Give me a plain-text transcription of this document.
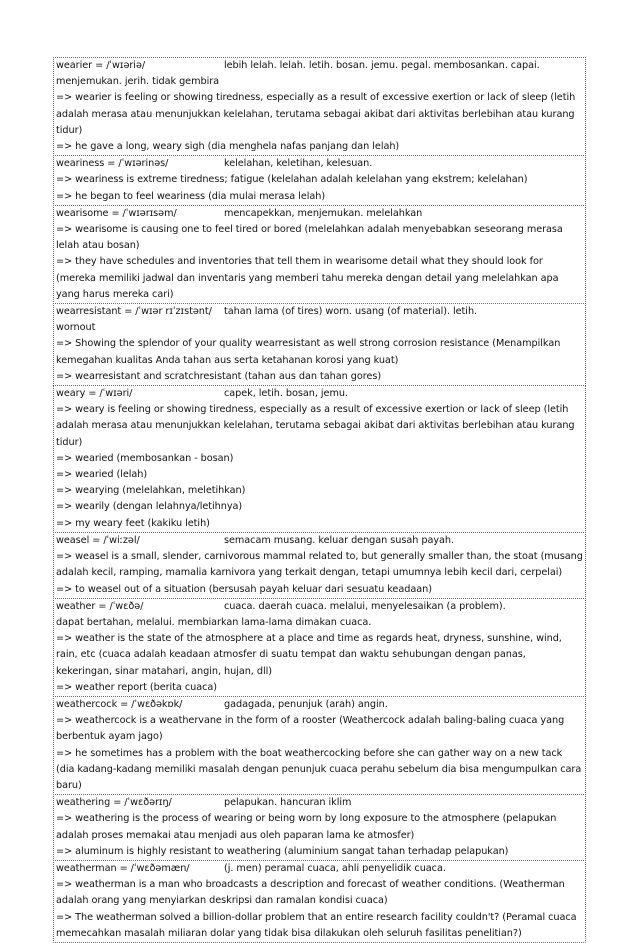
wearier = /ˈwɪəriə/	lebih lelah. lelah. letih. bosan. jemu. pegal. membosankan. capai.
menjemukan. jerih. tidak gembira
=> wearier is feeling or showing tiredness, especially as a result of excessive exertion or lack of sleep (letih adalah merasa atau menunjukkan kelelahan, terutama sebagai akibat dari aktivitas berlebihan atau kurang tidur)
=> he gave a long, weary sigh (dia menghela nafas panjang dan lelah)
weariness = /ˈwɪərinəs/	kelelahan, keletihan, kelesuan.
=> weariness is extreme tiredness; fatigue (kelelahan adalah kelelahan yang ekstrem; kelelahan)
=> he began to feel weariness (dia mulai merasa lelah)
wearisome = /ˈwɪərɪsəm/	mencapekkan, menjemukan. melelahkan
=> wearisome is causing one to feel tired or bored (melelahkan adalah menyebabkan seseorang merasa lelah atau bosan)
=> they have schedules and inventories that tell them in wearisome detail what they should look for (mereka memiliki jadwal dan inventaris yang memberi tahu mereka dengan detail yang melelahkan apa yang harus mereka cari)
wearresistant = /ˈwɪər rɪˈzɪstənt/ tahan lama (of tires) worn. usang (of material). letih.
wornout
=> Showing the splendor of your quality wearresistant as well strong corrosion resistance (Menampilkan kemegahan kualitas Anda tahan aus serta ketahanan korosi yang kuat)
=> wearresistant and scratchresistant (tahan aus dan tahan gores)
weary = /ˈwɪəri/	capek, letih. bosan, jemu.
=> weary is feeling or showing tiredness, especially as a result of excessive exertion or lack of sleep (letih adalah merasa atau menunjukkan kelelahan, terutama sebagai akibat dari aktivitas berlebihan atau kurang tidur)
=> wearied (membosankan - bosan)
=> wearied (lelah)
=> wearying (melelahkan, meletihkan)
=> wearily (dengan lelahnya/letihnya)
=> my weary feet (kakiku letih)
weasel = /ˈwiːzəl/	semacam musang. keluar dengan susah payah.
=> weasel is a small, slender, carnivorous mammal related to, but generally smaller than, the stoat (musang adalah kecil, ramping, mamalia karnivora yang terkait dengan, tetapi umumnya lebih kecil dari, cerpelai)
=> to weasel out of a situation (bersusah payah keluar dari sesuatu keadaan)
weather = /ˈwɛðə/	cuaca. daerah cuaca. melalui, menyelesaikan (a problem).
dapat bertahan, melalui. membiarkan lama-lama dimakan cuaca.
=> weather is the state of the atmosphere at a place and time as regards heat, dryness, sunshine, wind, rain, etc (cuaca adalah keadaan atmosfer di suatu tempat dan waktu sehubungan dengan panas, kekeringan, sinar matahari, angin, hujan, dll)
=> weather report (berita cuaca)
weathercock = /ˈwɛðəkɒk/	gadagada, penunjuk (arah) angin.
=> weathercock is a weathervane in the form of a rooster (Weathercock adalah baling-baling cuaca yang berbentuk ayam jago)
=> he sometimes has a problem with the boat weathercocking before she can gather way on a new tack (dia kadang-kadang memiliki masalah dengan penunjuk cuaca perahu sebelum dia bisa mengumpulkan cara baru)
weathering = /ˈwɛðərɪŋ/	pelapukan. hancuran iklim
=> weathering is the process of wearing or being worn by long exposure to the atmosphere (pelapukan adalah proses memakai atau menjadi aus oleh paparan lama ke atmosfer)
=> aluminum is highly resistant to weathering (aluminium sangat tahan terhadap pelapukan)
weatherman = /ˈwɛðəmæn/	(j. men) peramal cuaca, ahli penyelidik cuaca.
=> weatherman is a man who broadcasts a description and forecast of weather conditions. (Weatherman adalah orang yang menyiarkan deskripsi dan ramalan kondisi cuaca)
=> The weatherman solved a billion-dollar problem that an entire research facility couldn't? (Peramal cuaca memecahkan masalah miliaran dolar yang tidak bisa dilakukan oleh seluruh fasilitas penelitian?)
